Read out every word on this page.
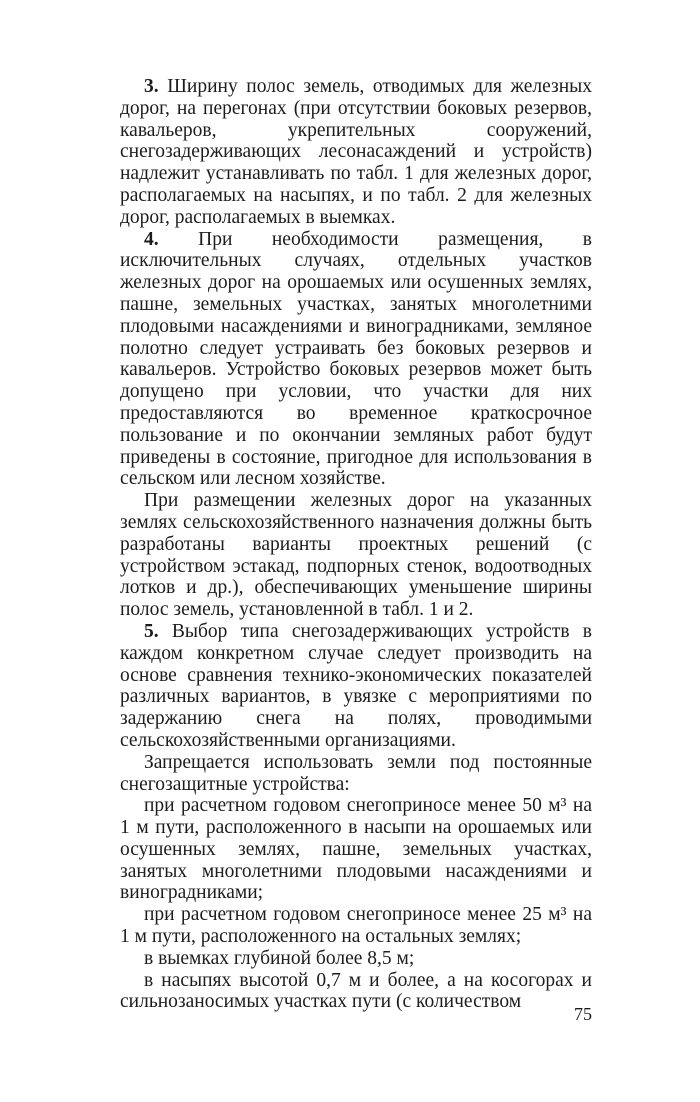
3. Ширину полос земель, отводимых для железных дорог, на перегонах (при отсутствии боковых резервов, кавальеров, укрепительных сооружений, снегозадерживающих лесонасаждений и устройств) надлежит устанавливать по табл. 1 для железных дорог, располагаемых на насыпях, и по табл. 2 для железных дорог, располагаемых в выемках.

4. При необходимости размещения, в исключительных случаях, отдельных участков железных дорог на орошаемых или осушенных землях, пашне, земельных участках, занятых многолетними плодовыми насаждениями и виноградниками, земляное полотно следует устраивать без боковых резервов и кавальеров. Устройство боковых резервов может быть допущено при условии, что участки для них предоставляются во временное краткосрочное пользование и по окончании земляных работ будут приведены в состояние, пригодное для использования в сельском или лесном хозяйстве.

При размещении железных дорог на указанных землях сельскохозяйственного назначения должны быть разработаны варианты проектных решений (с устройством эстакад, подпорных стенок, водоотводных лотков и др.), обеспечивающих уменьшение ширины полос земель, установленной в табл. 1 и 2.

5. Выбор типа снегозадерживающих устройств в каждом конкретном случае следует производить на основе сравнения технико-экономических показателей различных вариантов, в увязке с мероприятиями по задержанию снега на полях, проводимыми сельскохозяйственными организациями.

Запрещается использовать земли под постоянные снегозащитные устройства:

при расчетном годовом снегоприносе менее 50 м³ на 1 м пути, расположенного в насыпи на орошаемых или осушенных землях, пашне, земельных участках, занятых многолетними плодовыми насаждениями и виноградниками;

при расчетном годовом снегоприносе менее 25 м³ на 1 м пути, расположенного на остальных землях;

в выемках глубиной более 8,5 м;

в насыпях высотой 0,7 м и более, а на косогорах и сильнозаносимых участках пути (с количеством

75
